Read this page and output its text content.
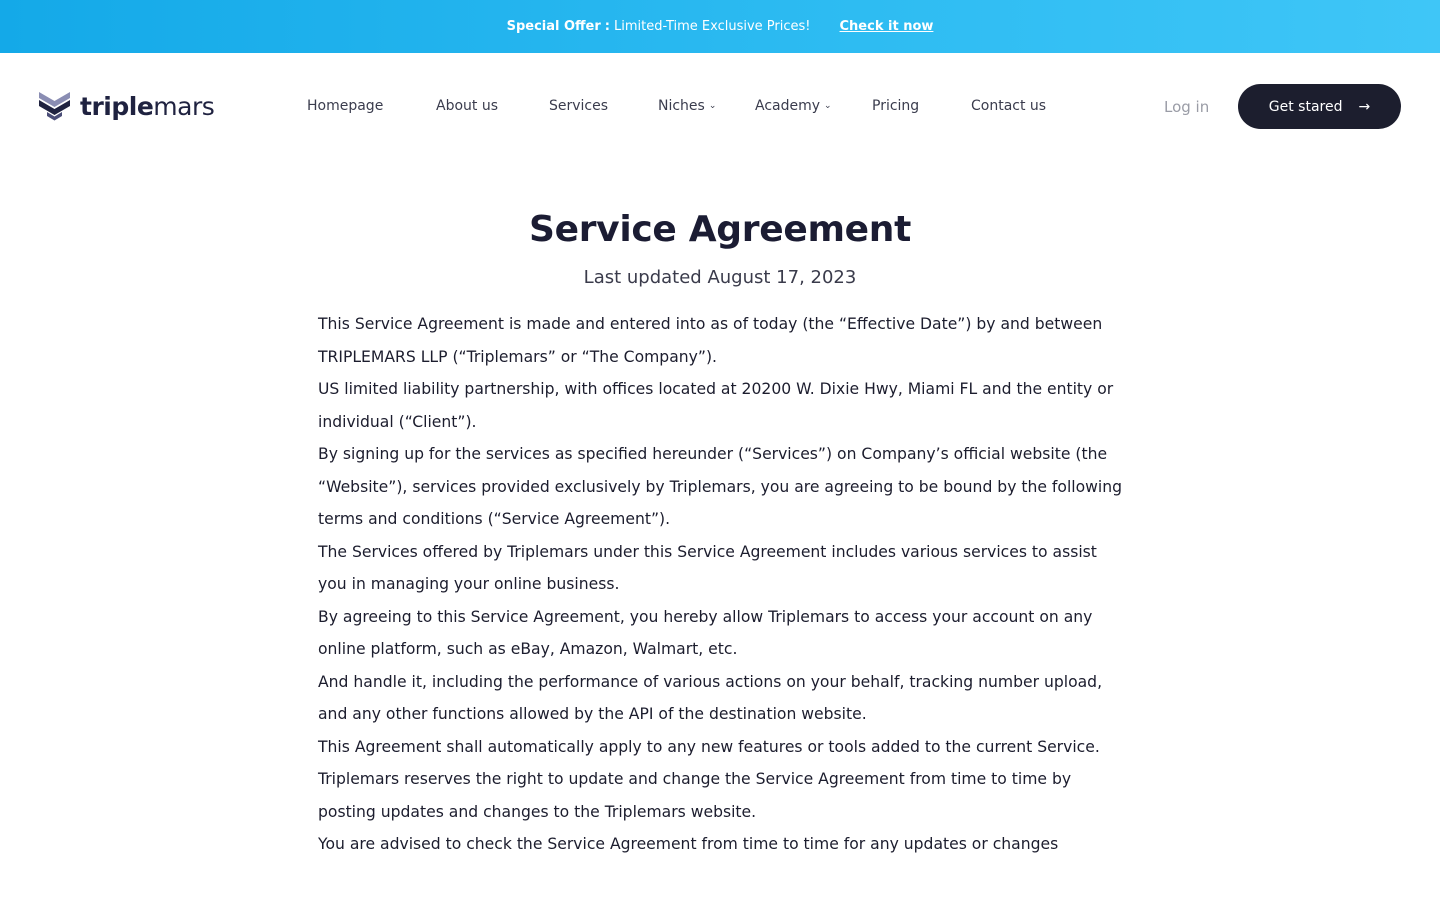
Special Offer : Limited-Time Exclusive Prices! Check it now
triplemars	Homepage	About us	Services	Niches ⌄	Academy ⌄	Pricing	Contact us	Log in	Get stared →
Service Agreement
Last updated August 17, 2023

This Service Agreement is made and entered into as of today (the “Effective Date”) by and between TRIPLEMARS LLP (“Triplemars” or “The Company”).

US limited liability partnership, with offices located at 20200 W. Dixie Hwy, Miami FL and the entity or individual (“Client”).

By signing up for the services as specified hereunder (“Services”) on Company’s official website (the “Website”), services provided exclusively by Triplemars, you are agreeing to be bound by the following terms and conditions (“Service Agreement”).

The Services offered by Triplemars under this Service Agreement includes various services to assist you in managing your online business.

By agreeing to this Service Agreement, you hereby allow Triplemars to access your account on any online platform, such as eBay, Amazon, Walmart, etc.

And handle it, including the performance of various actions on your behalf, tracking number upload, and any other functions allowed by the API of the destination website.

This Agreement shall automatically apply to any new features or tools added to the current Service.

Triplemars reserves the right to update and change the Service Agreement from time to time by posting updates and changes to the Triplemars website.

You are advised to check the Service Agreement from time to time for any updates or changes
